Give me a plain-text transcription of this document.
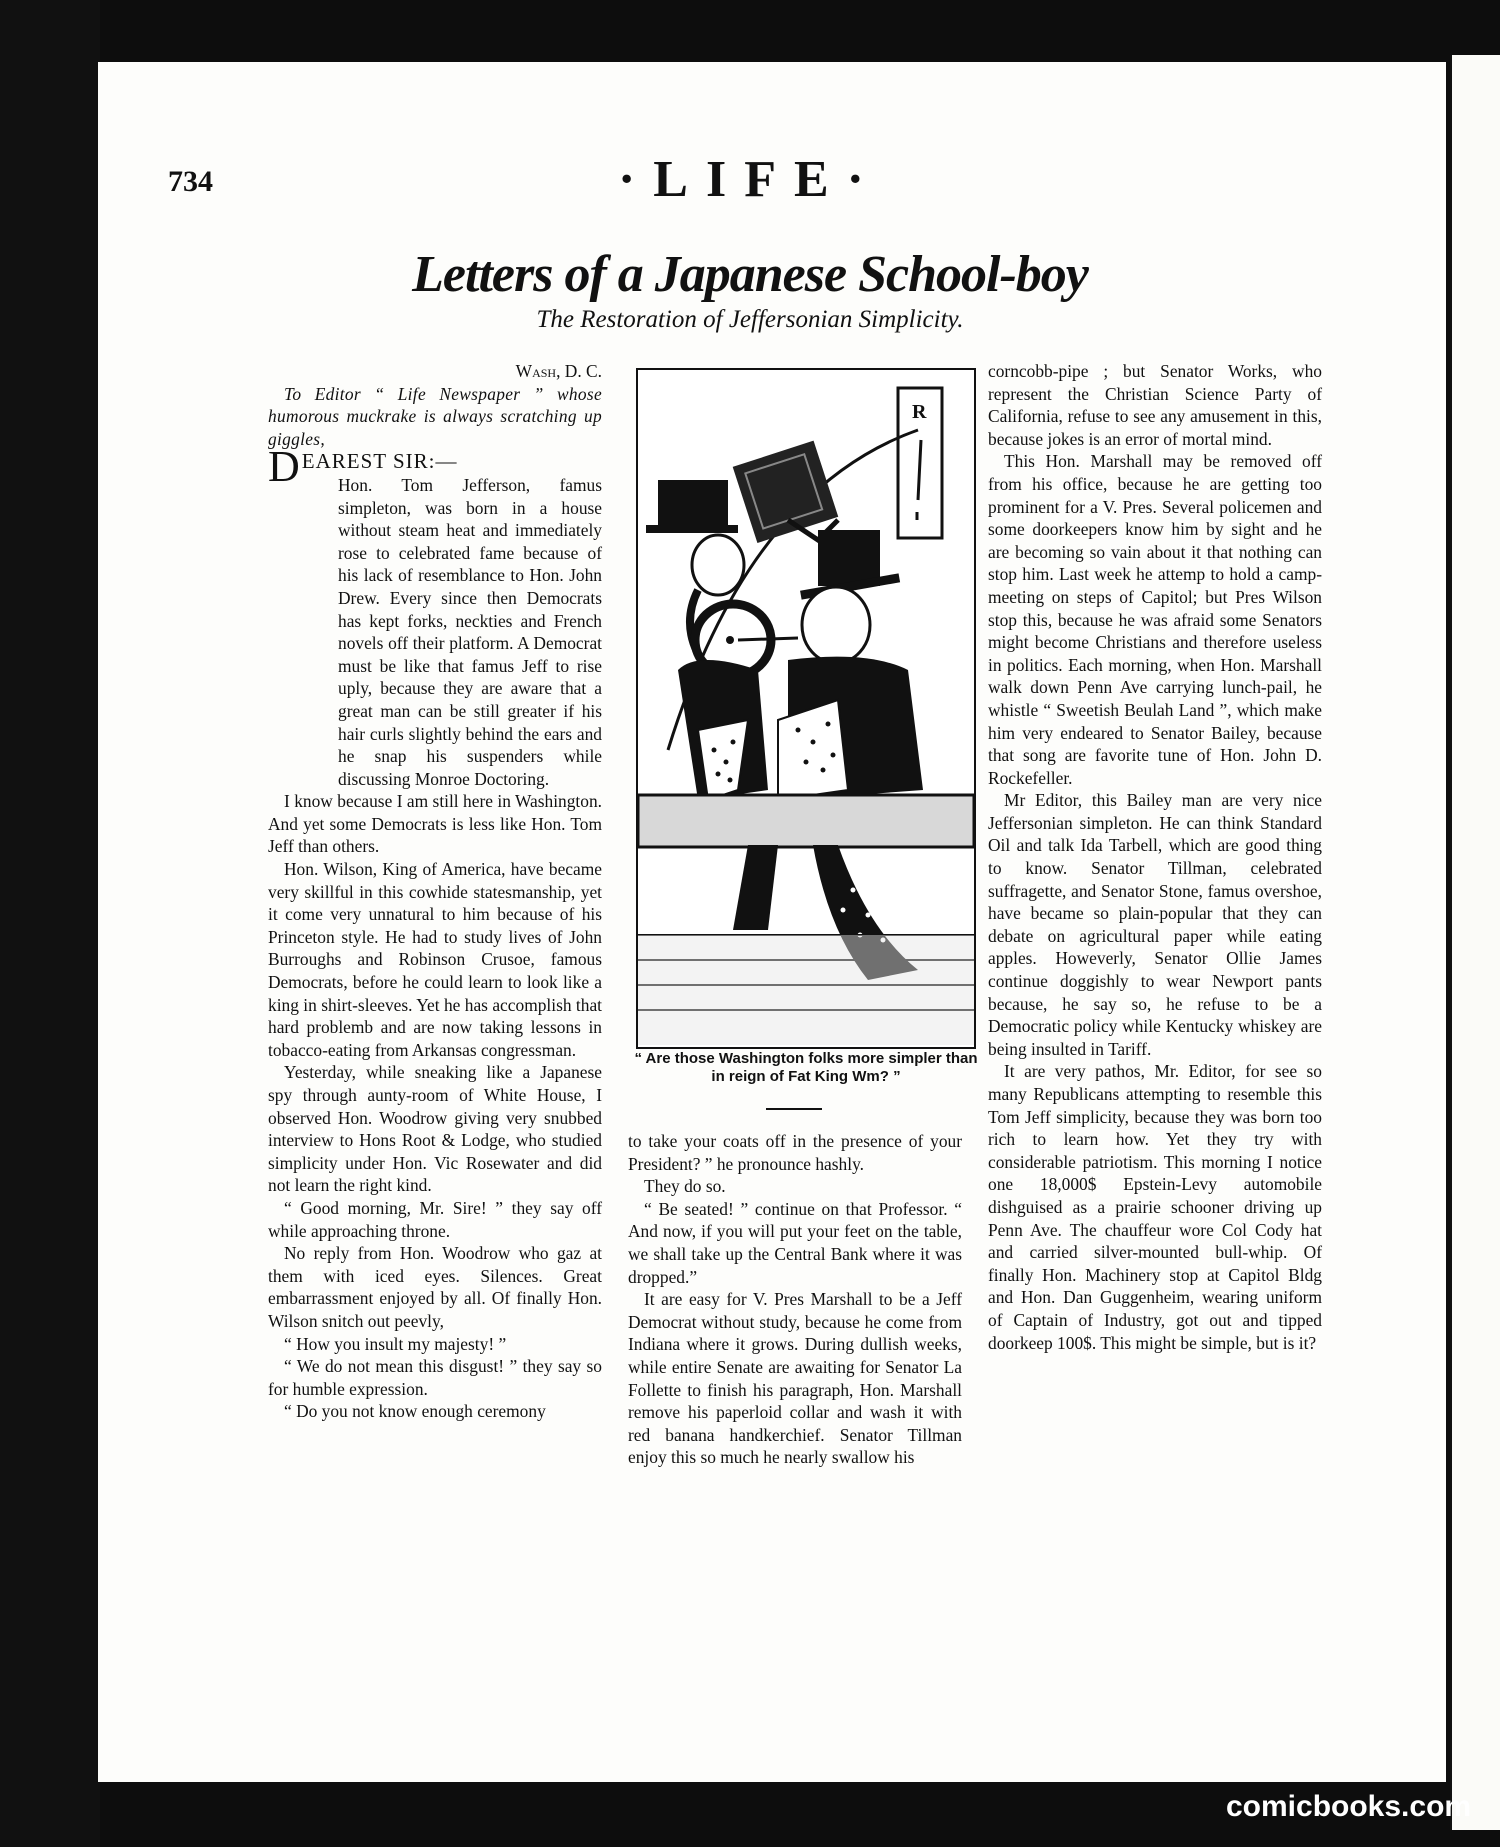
734	·LIFE·
Letters of a Japanese School-boy
The Restoration of Jeffersonian Simplicity.

Wash, D. C.

To Editor “ Life Newspaper ” whose humorous muckrake is always scratching up giggles,

DEAREST SIR:—

Hon. Tom Jefferson, famus simpleton, was born in a house without steam heat and immediately rose to celebrated fame because of his lack of resemblance to Hon. John Drew. Every since then Democrats has kept forks, neckties and French novels off their platform. A Democrat must be like that famus Jeff to rise uply, because they are aware that a great man can be still greater if his hair curls slightly behind the ears and he snap his suspenders while discussing Monroe Doctoring.

I know because I am still here in Washington. And yet some Democrats is less like Hon. Tom Jeff than others.

Hon. Wilson, King of America, have became very skillful in this cowhide statesmanship, yet it come very unnatural to him because of his Princeton style. He had to study lives of John Burroughs and Robinson Crusoe, famous Democrats, before he could learn to look like a king in shirt-sleeves. Yet he has accomplish that hard problemb and are now taking lessons in tobacco-eating from Arkansas congressman.

Yesterday, while sneaking like a Japanese spy through aunty-room of White House, I observed Hon. Woodrow giving very snubbed interview to Hons Root & Lodge, who studied simplicity under Hon. Vic Rosewater and did not learn the right kind.

“ Good morning, Mr. Sire! ” they say off while approaching throne.

No reply from Hon. Woodrow who gaz at them with iced eyes. Silences. Great embarrassment enjoyed by all. Of finally Hon. Wilson snitch out peevly,

“ How you insult my majesty! ”

“ We do not mean this disgust! ” they say so for humble expression.

“ Do you not know enough ceremony

R
“ Are those Washington folks more simpler than in reign of Fat King Wm? ”

to take your coats off in the presence of your President? ” he pronounce hashly.

They do so.

“ Be seated! ” continue on that Professor. “ And now, if you will put your feet on the table, we shall take up the Central Bank where it was dropped.”

It are easy for V. Pres Marshall to be a Jeff Democrat without study, because he come from Indiana where it grows. During dullish weeks, while entire Senate are awaiting for Senator La Follette to finish his paragraph, Hon. Marshall remove his paperloid collar and wash it with red banana handkerchief. Senator Tillman enjoy this so much he nearly swallow his

corncobb-pipe ; but Senator Works, who represent the Christian Science Party of California, refuse to see any amusement in this, because jokes is an error of mortal mind.

This Hon. Marshall may be removed off from his office, because he are getting too prominent for a V. Pres. Several policemen and some doorkeepers know him by sight and he are becoming so vain about it that nothing can stop him. Last week he attemp to hold a camp-meeting on steps of Capitol; but Pres Wilson stop this, because he was afraid some Senators might become Christians and therefore useless in politics. Each morning, when Hon. Marshall walk down Penn Ave carrying lunch-pail, he whistle “ Sweetish Beulah Land ”, which make him very endeared to Senator Bailey, because that song are favorite tune of Hon. John D. Rockefeller.

Mr Editor, this Bailey man are very nice Jeffersonian simpleton. He can think Standard Oil and talk Ida Tarbell, which are good thing to know. Senator Tillman, celebrated suffragette, and Senator Stone, famus overshoe, have became so plain-popular that they can debate on agricultural paper while eating apples. Howeverly, Senator Ollie James continue doggishly to wear Newport pants because, he say so, he refuse to be a Democratic policy while Kentucky whiskey are being insulted in Tariff.

It are very pathos, Mr. Editor, for see so many Republicans attempting to resemble this Tom Jeff simplicity, because they was born too rich to learn how. Yet they try with considerable patriotism. This morning I notice one 18,000$ Epstein-Levy automobile dishguised as a prairie schooner driving up Penn Ave. The chauffeur wore Col Cody hat and carried silver-mounted bull-whip. Of finally Hon. Machinery stop at Capitol Bldg and Hon. Dan Guggenheim, wearing uniform of Captain of Industry, got out and tipped doorkeep 100$. This might be simple, but is it?

comicbooks.com
